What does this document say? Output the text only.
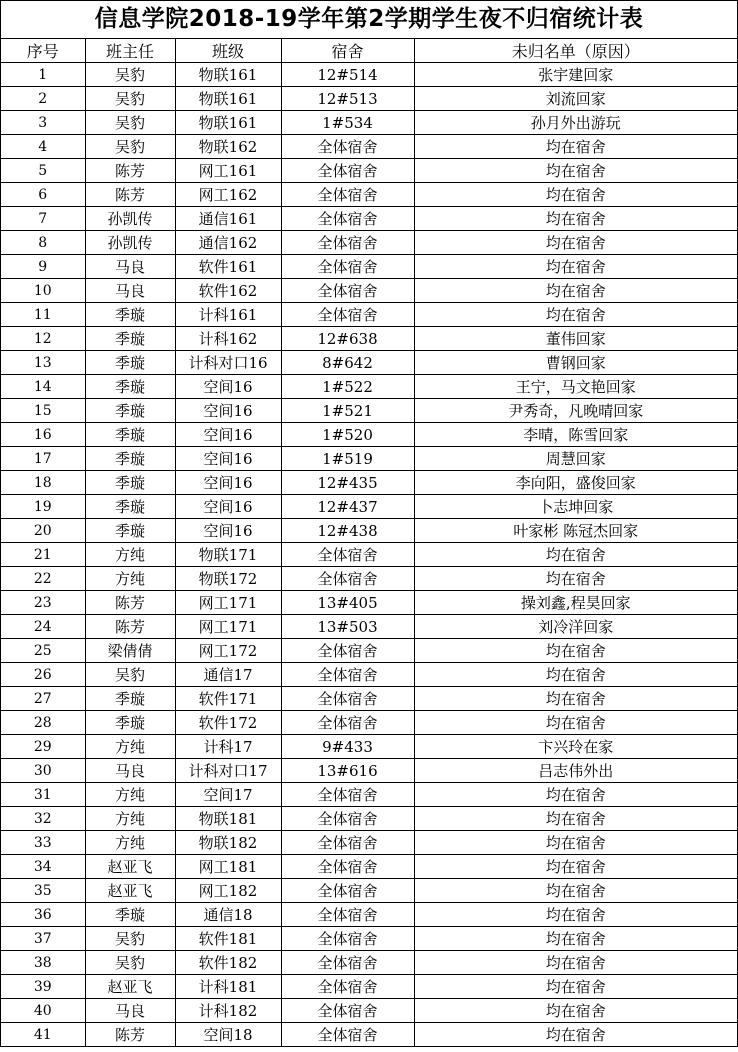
信息学院2018-19学年第2学期学生夜不归宿统计表
序号	班主任	班级	宿舍	未归名单（原因）
1	吴豹	物联161	12#514	张宇建回家
2	吴豹	物联161	12#513	刘流回家
3	吴豹	物联161	1#534	孙月外出游玩
4	吴豹	物联162	全体宿舍	均在宿舍
5	陈芳	网工161	全体宿舍	均在宿舍
6	陈芳	网工162	全体宿舍	均在宿舍
7	孙凯传	通信161	全体宿舍	均在宿舍
8	孙凯传	通信162	全体宿舍	均在宿舍
9	马良	软件161	全体宿舍	均在宿舍
10	马良	软件162	全体宿舍	均在宿舍
11	季璇	计科161	全体宿舍	均在宿舍
12	季璇	计科162	12#638	董伟回家
13	季璇	计科对口16	8#642	曹钢回家
14	季璇	空间16	1#522	王宁，马文艳回家
15	季璇	空间16	1#521	尹秀奇，凡晚晴回家
16	季璇	空间16	1#520	李晴，陈雪回家
17	季璇	空间16	1#519	周慧回家
18	季璇	空间16	12#435	李向阳，盛俊回家
19	季璇	空间16	12#437	卜志坤回家
20	季璇	空间16	12#438	叶家彬 陈冠杰回家
21	方纯	物联171	全体宿舍	均在宿舍
22	方纯	物联172	全体宿舍	均在宿舍
23	陈芳	网工171	13#405	操刘鑫,程昊回家
24	陈芳	网工171	13#503	刘冷洋回家
25	梁倩倩	网工172	全体宿舍	均在宿舍
26	吴豹	通信17	全体宿舍	均在宿舍
27	季璇	软件171	全体宿舍	均在宿舍
28	季璇	软件172	全体宿舍	均在宿舍
29	方纯	计科17	9#433	卞兴玲在家
30	马良	计科对口17	13#616	吕志伟外出
31	方纯	空间17	全体宿舍	均在宿舍
32	方纯	物联181	全体宿舍	均在宿舍
33	方纯	物联182	全体宿舍	均在宿舍
34	赵亚飞	网工181	全体宿舍	均在宿舍
35	赵亚飞	网工182	全体宿舍	均在宿舍
36	季璇	通信18	全体宿舍	均在宿舍
37	吴豹	软件181	全体宿舍	均在宿舍
38	吴豹	软件182	全体宿舍	均在宿舍
39	赵亚飞	计科181	全体宿舍	均在宿舍
40	马良	计科182	全体宿舍	均在宿舍
41	陈芳	空间18	全体宿舍	均在宿舍
